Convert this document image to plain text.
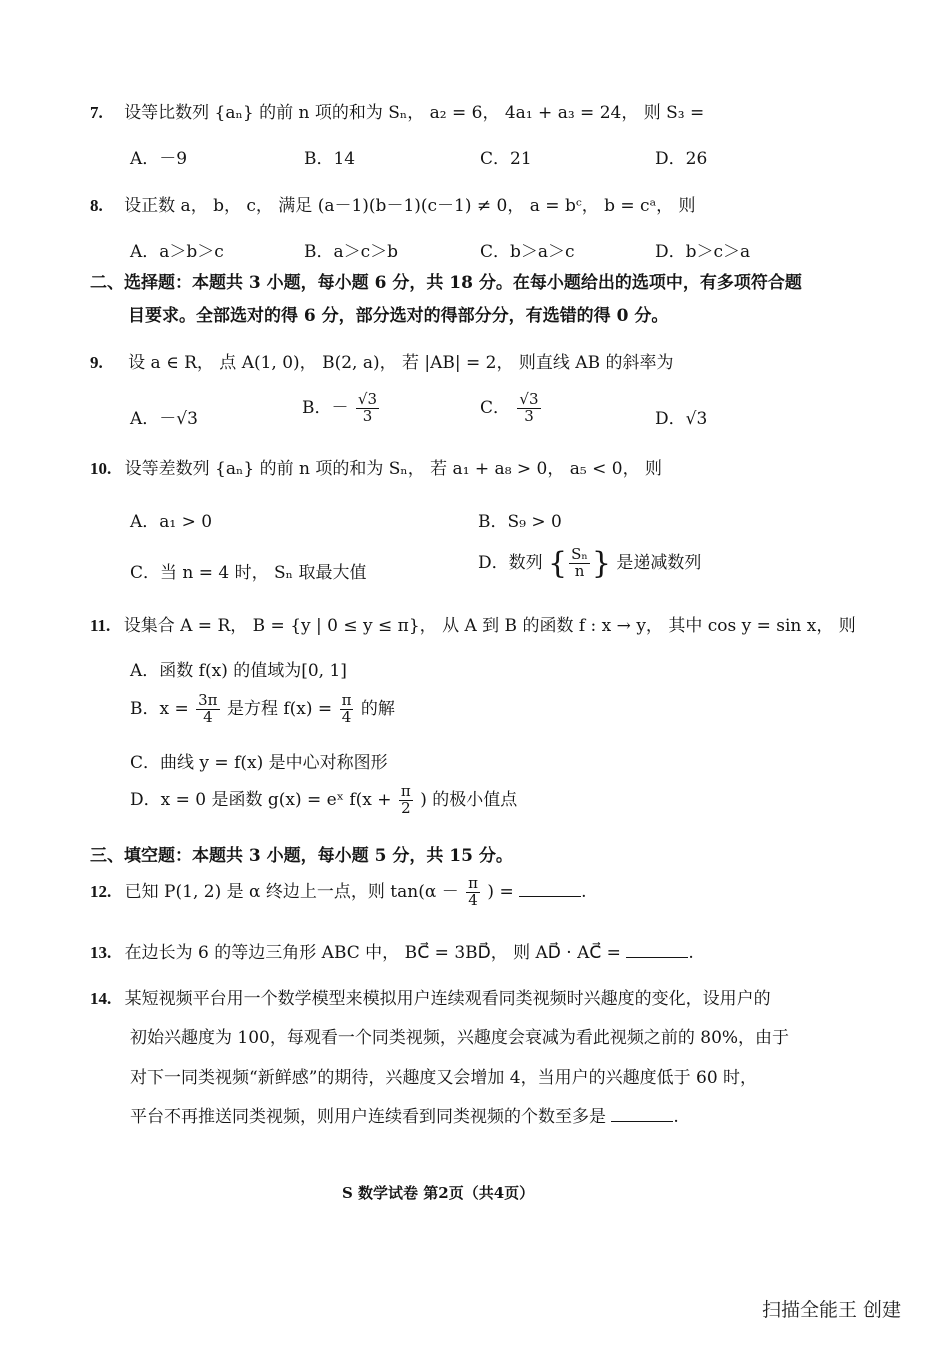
7. 设等比数列 {aₙ} 的前 n 项的和为 Sₙ， a₂ = 6， 4a₁ + a₃ = 24， 则 S₃ =
A．－9	B．14	C．21	D．26
8. 设正数 a， b， c， 满足 (a－1)(b－1)(c－1) ≠ 0， a = bᶜ， b = cᵃ， 则
A．a＞b＞c	B．a＞c＞b	C．b＞a＞c	D．b＞c＞a
二、选择题：本题共 3 小题，每小题 6 分，共 18 分。在每小题给出的选项中，有多项符合题
目要求。全部选对的得 6 分，部分选对的得部分分，有选错的得 0 分。
9. 设 a ∈ R， 点 A(1, 0)， B(2, a)， 若 |AB| = 2， 则直线 AB 的斜率为
A．－√3
B．－ $\frac{√3}{3}$	C． $\frac{√3}{3}$	D．√3
10. 设等差数列 {aₙ} 的前 n 项的和为 Sₙ， 若 a₁ + a₈ > 0， a₅ < 0， 则
A．a₁ > 0	B．S₉ > 0
C．当 n = 4 时， Sₙ 取最大值	D．数列 { $\frac{\text{Sₙ}}{n}$ } 是递减数列
11. 设集合 A = R， B = {y | 0 ≤ y ≤ π}， 从 A 到 B 的函数 f : x → y， 其中 cos y = sin x， 则
A．函数 f(x) 的值域为[0, 1]
B．$x = \frac{3\pi}{4}$ 是方程 $f(x) = \frac{\pi}{4}$ 的解
C．曲线 y = f(x) 是中心对称图形
D．x = 0 是函数 g(x) = eˣ $f(x + \frac{\pi}{2}$ ) 的极小值点
三、填空题：本题共 3 小题，每小题 5 分，共 15 分。
12. 已知 P(1, 2) 是 α 终边上一点，则 $\tan(\alpha - \frac{\pi}{4}$ ) =	.
13. 在边长为 6 的等边三角形 ABC 中， BC⃗ = 3BD⃗， 则 AD⃗ · AC⃗ =	.
14. 某短视频平台用一个数学模型来模拟用户连续观看同类视频时兴趣度的变化，设用户的
初始兴趣度为 100，每观看一个同类视频，兴趣度会衰减为看此视频之前的 80%，由于
对下一同类视频“新鲜感”的期待，兴趣度又会增加 4，当用户的兴趣度低于 60 时，
平台不再推送同类视频，则用户连续看到同类视频的个数至多是	.
S 数学试卷 第2页（共4页）
扫描全能王 创建
